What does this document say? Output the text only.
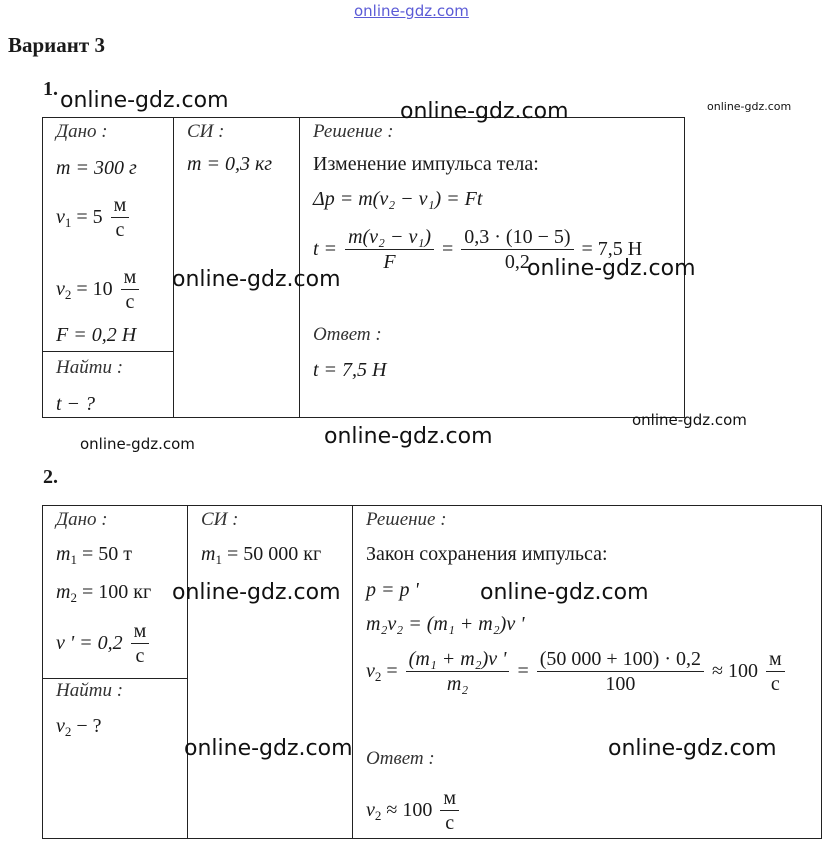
online-gdz.com
Вариант 3
1.
Дано :
m = 300 г
$v_1 = 5 \frac{м}{с}$
$v_2 = 10 \frac{м}{с}$
F = 0,2 Н
Найти :
t − ?
СИ :
m = 0,3 кг
Решение :
Изменение импульса тела:
Δp = m(v₂ − v₁) = Ft
$t = \frac{\text{m(v₂ − v₁)}}{F} = \frac{0,3 \cdot (10 - 5)}{0,2} = 7,5$ Н
Ответ :
t = 7,5 Н
2.
Дано :
$m_1 = 50$ т
$m_2 = 100$ кг
v ' = $0,2 \frac{м}{с}$
Найти :
$v_2$ − ?
СИ :
$m_1 = 50$ 000 кг
Решение :
Закон сохранения импульса:
p = p '
m₂v₂ = (m₁ + m₂)v '
$v_2 = \frac{\text{(m₁ + m₂)v '}}{\text{m₂}} = \frac{(50 000 + 100) \cdot 0,2}{100} \approx 100 \frac{м}{с}$
Ответ :
$v_2 \approx 100 \frac{м}{с}$
online-gdz.com	online-gdz.com	online-gdz.com
online-gdz.com	online-gdz.com
online-gdz.com
online-gdz.com	online-gdz.com
online-gdz.com	online-gdz.com
online-gdz.com	online-gdz.com
